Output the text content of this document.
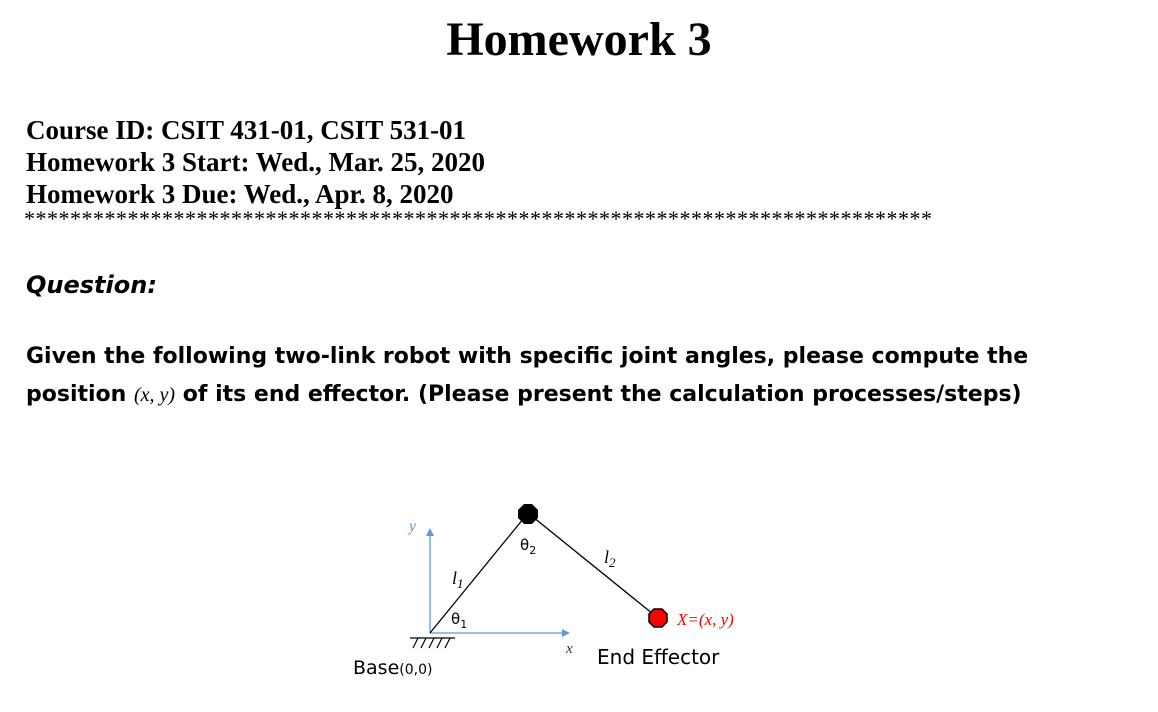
Homework 3
Course ID: CSIT 431-01, CSIT 531-01
Homework 3 Start: Wed., Mar. 25, 2020
Homework 3 Due: Wed., Apr. 8, 2020
*******************************************************************************
Question:
Given the following two-link robot with specific joint angles, please compute the position (x, y) of its end effector. (Please present the calculation processes/steps)
y
x
$l_1$
$l_2$
$\theta_1$
$\theta_2$
X=(x, y)
End Effector
Base(0,0)
